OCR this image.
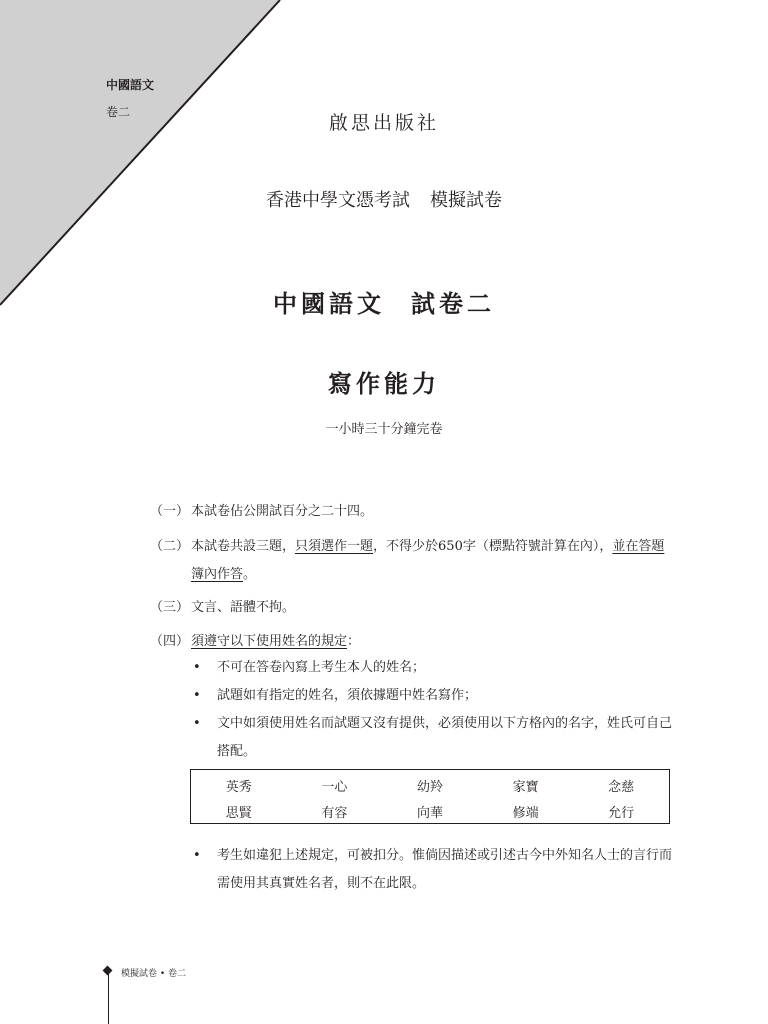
中國語文
卷二	啟思出版社
香港中學文憑考試 模擬試卷
中國語文 試卷二
寫作能力
一小時三十分鐘完卷
（一） 本試卷佔公開試百分之二十四。
（二） 本試卷共設三題，只須選作一題，不得少於650字（標點符號計算在內），並在答題簿內作答。
（三） 文言、語體不拘。
（四） 須遵守以下使用姓名的規定：
• 不可在答卷內寫上考生本人的姓名；
• 試題如有指定的姓名，須依據題中姓名寫作；
• 文中如須使用姓名而試題又沒有提供，必須使用以下方格內的名字，姓氏可自己搭配。
英秀	一心	幼羚	家寶	念慈
思賢	有容	向華	修端	允行
• 考生如違犯上述規定，可被扣分。惟倘因描述或引述古今中外知名人士的言行而需使用其真實姓名者，則不在此限。
模擬試卷 • 卷二
